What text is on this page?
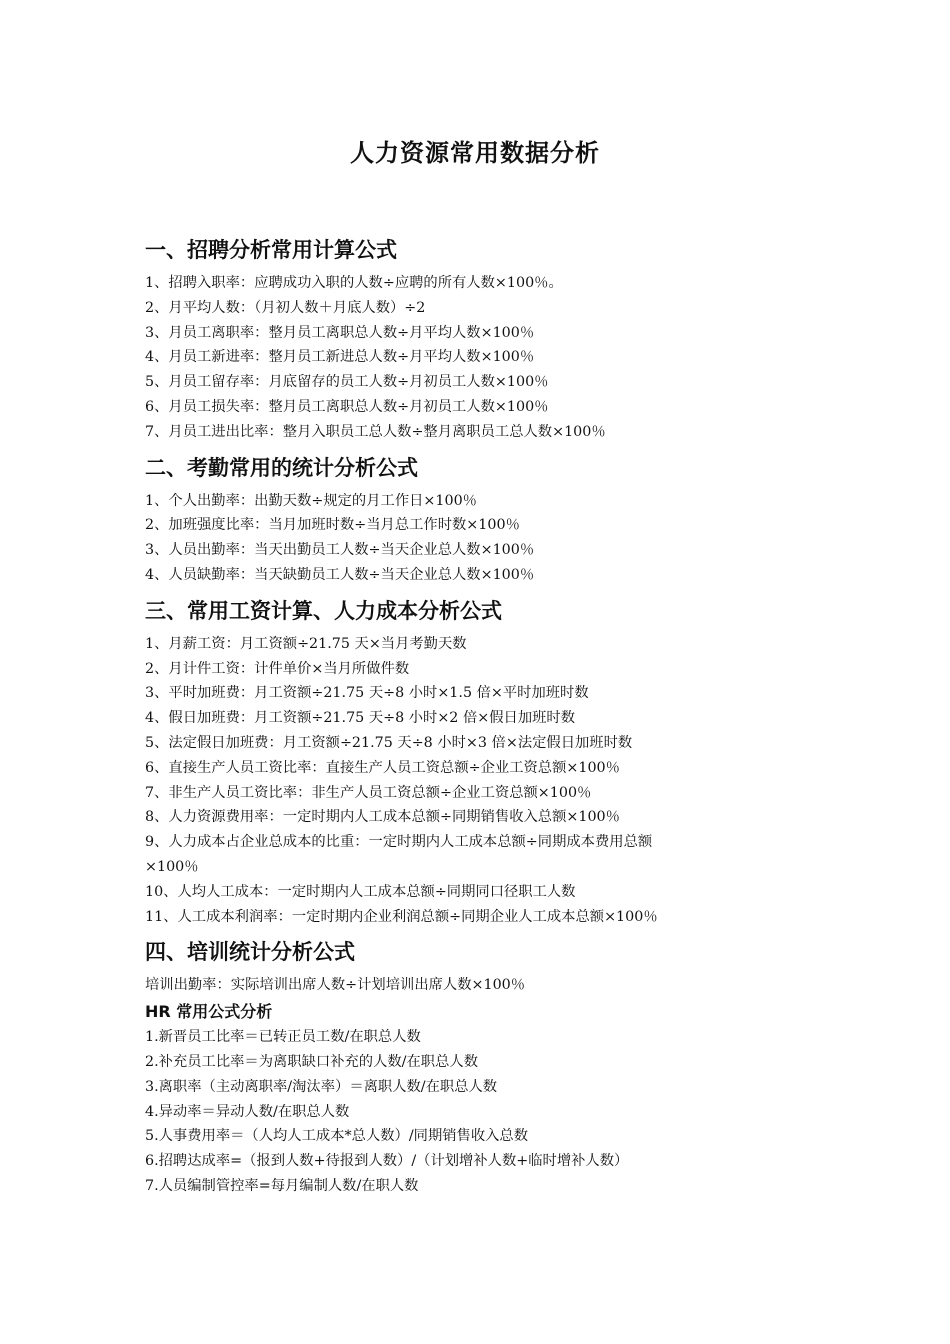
人力资源常用数据分析
一、招聘分析常用计算公式
1、招聘入职率：应聘成功入职的人数÷应聘的所有人数×100％。
2、月平均人数：（月初人数＋月底人数）÷2
3、月员工离职率：整月员工离职总人数÷月平均人数×100％
4、月员工新进率：整月员工新进总人数÷月平均人数×100％
5、月员工留存率：月底留存的员工人数÷月初员工人数×100％
6、月员工损失率：整月员工离职总人数÷月初员工人数×100％
7、月员工进出比率：整月入职员工总人数÷整月离职员工总人数×100％
二、考勤常用的统计分析公式
1、个人出勤率：出勤天数÷规定的月工作日×100％
2、加班强度比率：当月加班时数÷当月总工作时数×100％
3、人员出勤率：当天出勤员工人数÷当天企业总人数×100％
4、人员缺勤率：当天缺勤员工人数÷当天企业总人数×100％
三、常用工资计算、人力成本分析公式
1、月薪工资：月工资额÷21.75 天×当月考勤天数
2、月计件工资：计件单价×当月所做件数
3、平时加班费：月工资额÷21.75 天÷8 小时×1.5 倍×平时加班时数
4、假日加班费：月工资额÷21.75 天÷8 小时×2 倍×假日加班时数
5、法定假日加班费：月工资额÷21.75 天÷8 小时×3 倍×法定假日加班时数
6、直接生产人员工资比率：直接生产人员工资总额÷企业工资总额×100％
7、非生产人员工资比率：非生产人员工资总额÷企业工资总额×100％
8、人力资源费用率：一定时期内人工成本总额÷同期销售收入总额×100％
9、人力成本占企业总成本的比重：一定时期内人工成本总额÷同期成本费用总额×100％
10、人均人工成本：一定时期内人工成本总额÷同期同口径职工人数
11、人工成本利润率：一定时期内企业利润总额÷同期企业人工成本总额×100％
四、培训统计分析公式
培训出勤率：实际培训出席人数÷计划培训出席人数×100％
HR 常用公式分析
1.新晋员工比率＝已转正员工数/在职总人数
2.补充员工比率＝为离职缺口补充的人数/在职总人数
3.离职率（主动离职率/淘汰率）＝离职人数/在职总人数
4.异动率＝异动人数/在职总人数
5.人事费用率＝（人均人工成本*总人数）/同期销售收入总数
6.招聘达成率=（报到人数+待报到人数）/（计划增补人数+临时增补人数）
7.人员编制管控率=每月编制人数/在职人数
